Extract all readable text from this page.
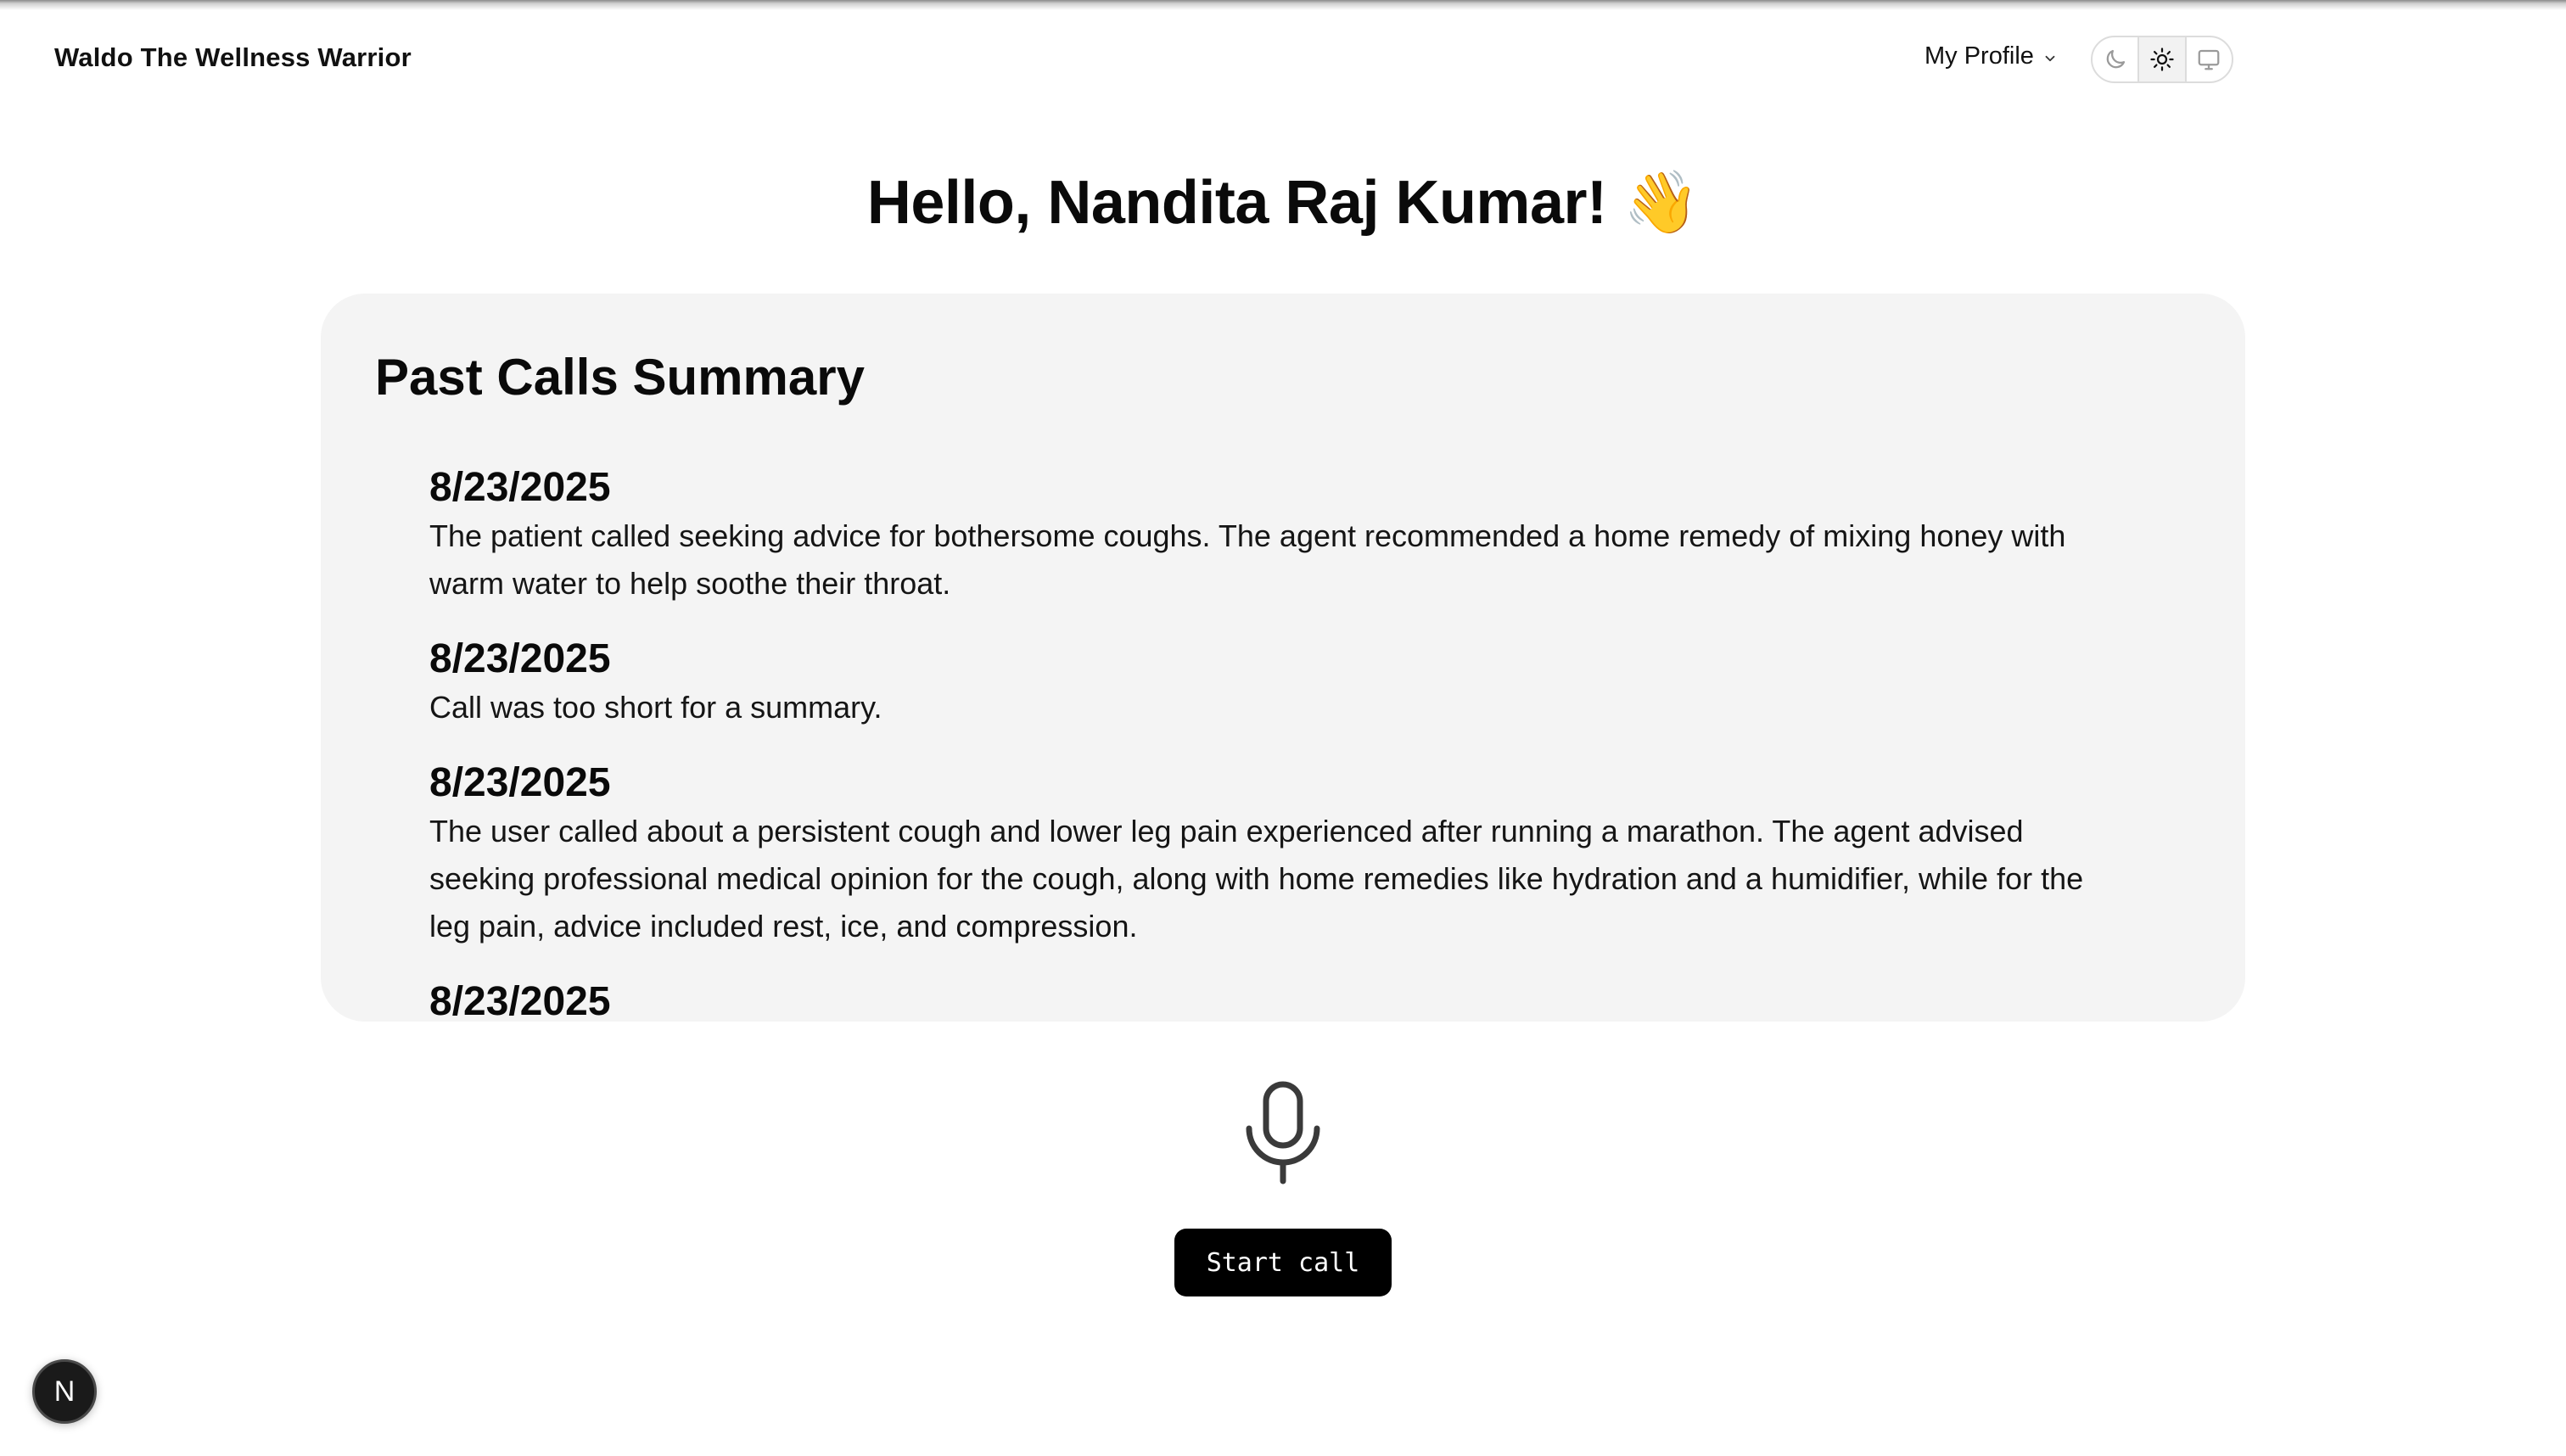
Waldo The Wellness Warrior	My Profile
Hello, Nandita Raj Kumar! 👋
Past Calls Summary

8/23/2025

The patient called seeking advice for bothersome coughs. The agent recommended a home remedy of mixing honey with warm water to help soothe their throat.

8/23/2025

Call was too short for a summary.

8/23/2025

The user called about a persistent cough and lower leg pain experienced after running a marathon. The agent advised seeking professional medical opinion for the cough, along with home remedies like hydration and a humidifier, while for the leg pain, advice included rest, ice, and compression.

8/23/2025

Start call
N
